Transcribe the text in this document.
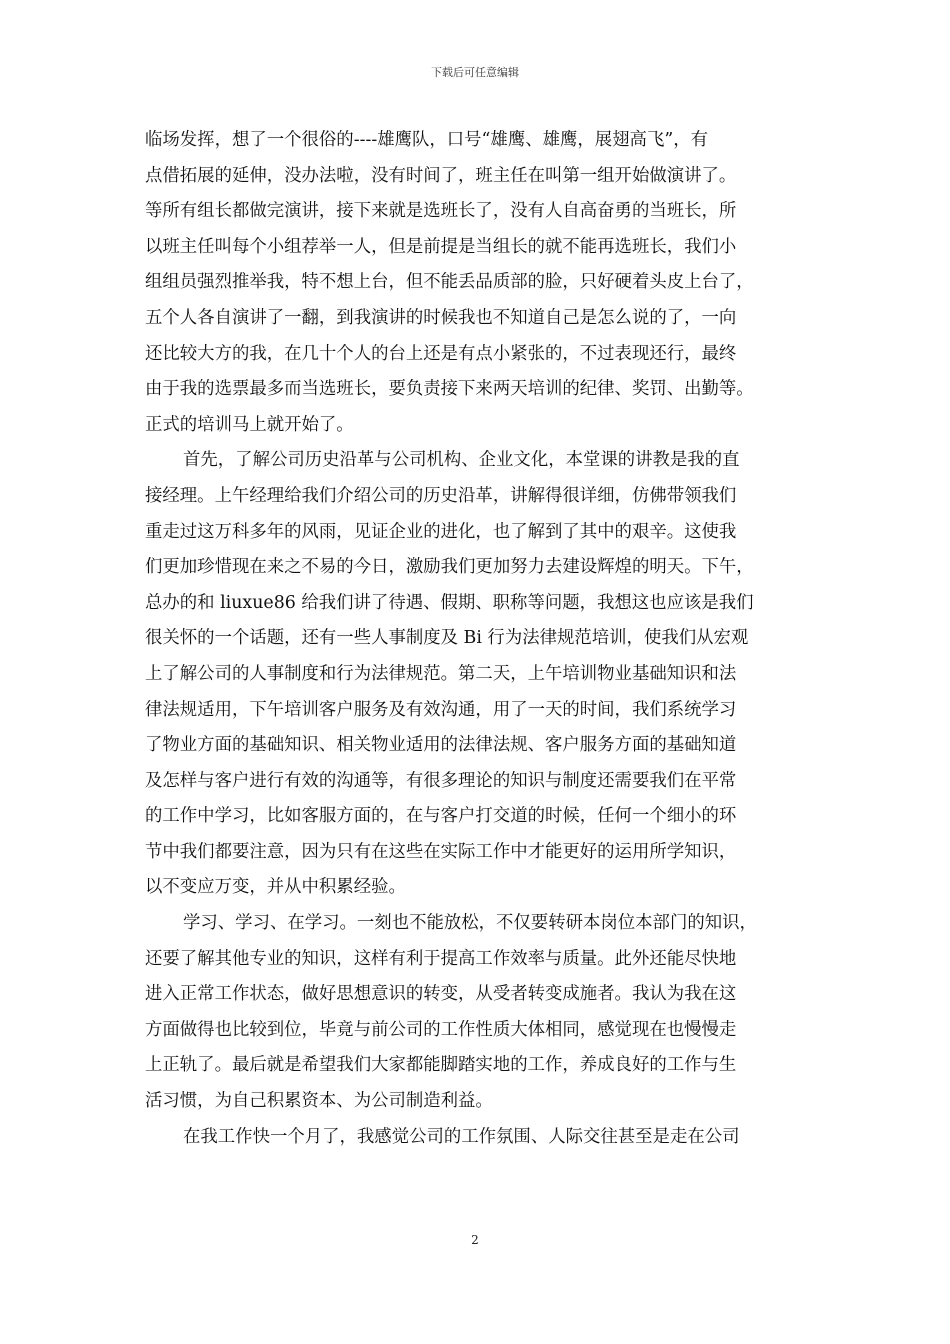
下载后可任意编辑

临场发挥，想了一个很俗的----雄鹰队，口号“雄鹰、雄鹰，展翅高飞”，有
点借拓展的延伸，没办法啦，没有时间了，班主任在叫第一组开始做演讲了。
等所有组长都做完演讲，接下来就是选班长了，没有人自高奋勇的当班长，所
以班主任叫每个小组荐举一人，但是前提是当组长的就不能再选班长，我们小
组组员强烈推举我，特不想上台，但不能丢品质部的脸，只好硬着头皮上台了，
五个人各自演讲了一翻，到我演讲的时候我也不知道自己是怎么说的了，一向
还比较大方的我，在几十个人的台上还是有点小紧张的，不过表现还行，最终
由于我的选票最多而当选班长，要负责接下来两天培训的纪律、奖罚、出勤等。
正式的培训马上就开始了。

首先，了解公司历史沿革与公司机构、企业文化，本堂课的讲教是我的直
接经理。上午经理给我们介绍公司的历史沿革，讲解得很详细，仿佛带领我们
重走过这万科多年的风雨，见证企业的进化，也了解到了其中的艰辛。这使我
们更加珍惜现在来之不易的今日，激励我们更加努力去建设辉煌的明天。下午，
总办的和 liuxue86 给我们讲了待遇、假期、职称等问题，我想这也应该是我们
很关怀的一个话题，还有一些人事制度及 Bi 行为法律规范培训，使我们从宏观
上了解公司的人事制度和行为法律规范。第二天，上午培训物业基础知识和法
律法规适用，下午培训客户服务及有效沟通，用了一天的时间，我们系统学习
了物业方面的基础知识、相关物业适用的法律法规、客户服务方面的基础知道
及怎样与客户进行有效的沟通等，有很多理论的知识与制度还需要我们在平常
的工作中学习，比如客服方面的，在与客户打交道的时候，任何一个细小的环
节中我们都要注意，因为只有在这些在实际工作中才能更好的运用所学知识，
以不变应万变，并从中积累经验。

学习、学习、在学习。一刻也不能放松，不仅要转研本岗位本部门的知识，
还要了解其他专业的知识，这样有利于提高工作效率与质量。此外还能尽快地
进入正常工作状态，做好思想意识的转变，从受者转变成施者。我认为我在这
方面做得也比较到位，毕竟与前公司的工作性质大体相同，感觉现在也慢慢走
上正轨了。最后就是希望我们大家都能脚踏实地的工作，养成良好的工作与生
活习惯，为自己积累资本、为公司制造利益。

在我工作快一个月了，我感觉公司的工作氛围、人际交往甚至是走在公司

2
